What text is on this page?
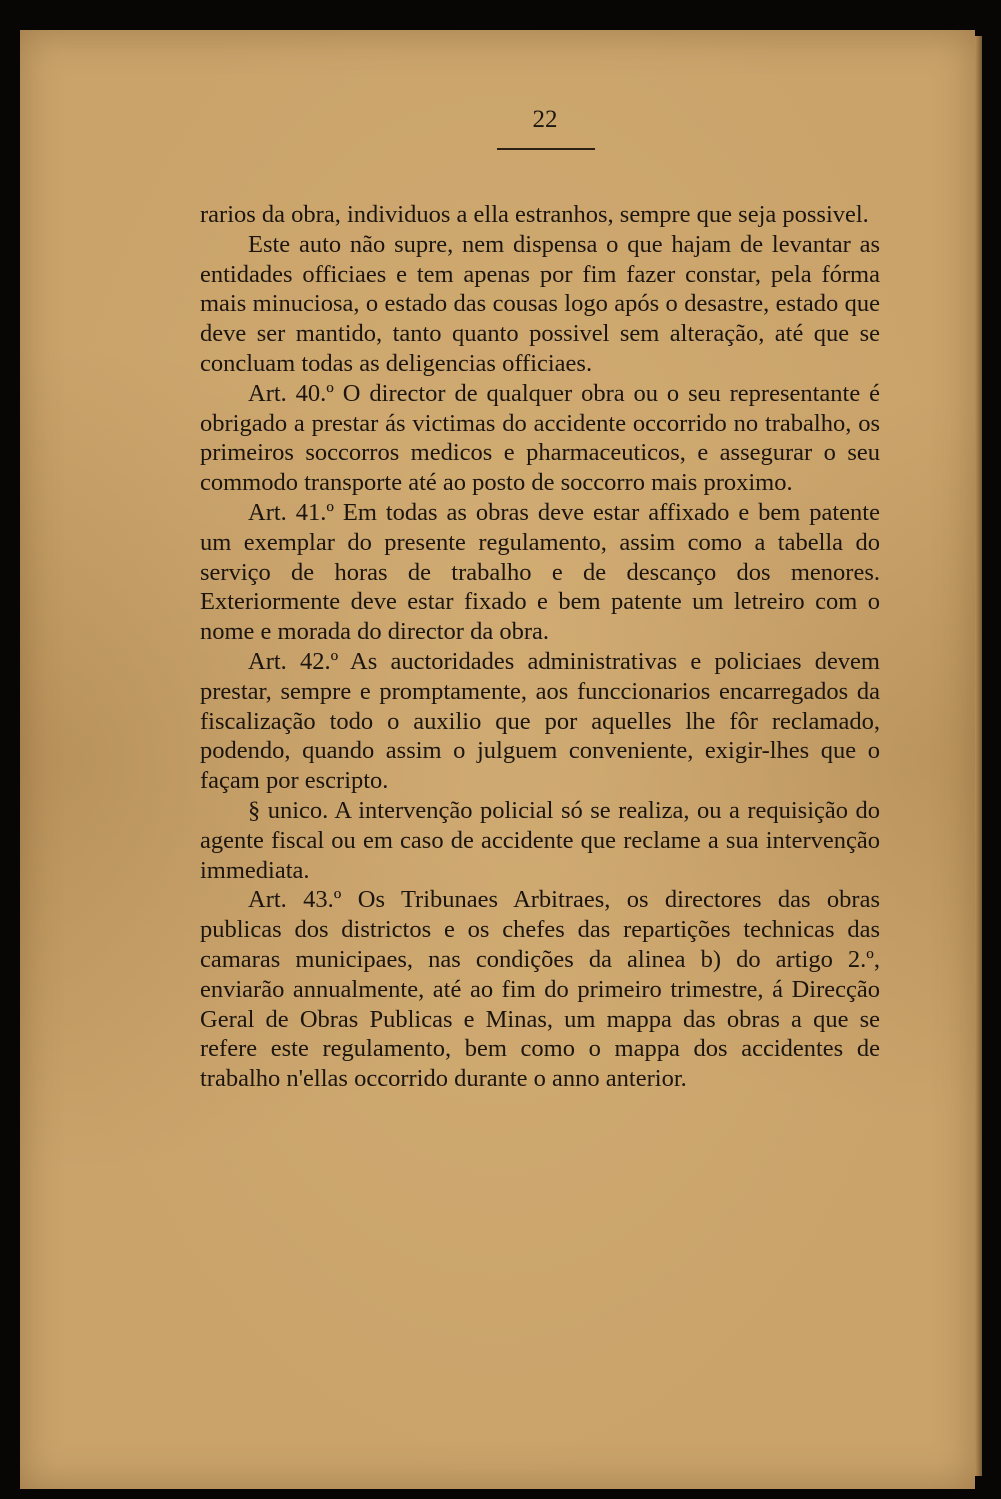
22

rarios da obra, individuos a ella estranhos, sempre que seja possivel.

Este auto não supre, nem dispensa o que hajam de levantar as entidades officiaes e tem apenas por fim fazer constar, pela fórma mais minuciosa, o estado das cousas logo após o desastre, estado que deve ser mantido, tanto quanto possivel sem alteração, até que se concluam todas as deligencias officiaes.

Art. 40.º O director de qualquer obra ou o seu representante é obrigado a prestar ás victimas do accidente occorrido no trabalho, os primeiros soccorros medicos e pharmaceuticos, e assegurar o seu commodo transporte até ao posto de soccorro mais proximo.

Art. 41.º Em todas as obras deve estar affixado e bem patente um exemplar do presente regulamento, assim como a tabella do serviço de horas de trabalho e de descanço dos menores. Exteriormente deve estar fixado e bem patente um letreiro com o nome e morada do director da obra.

Art. 42.º As auctoridades administrativas e policiaes devem prestar, sempre e promptamente, aos funccionarios encarregados da fiscalização todo o auxilio que por aquelles lhe fôr reclamado, podendo, quando assim o julguem conveniente, exigir-lhes que o façam por escripto.

§ unico. A intervenção policial só se realiza, ou a requisição do agente fiscal ou em caso de accidente que reclame a sua intervenção immediata.

Art. 43.º Os Tribunaes Arbitraes, os directores das obras publicas dos districtos e os chefes das repartições technicas das camaras municipaes, nas condições da alinea b) do artigo 2.º, enviarão annualmente, até ao fim do primeiro trimestre, á Direcção Geral de Obras Publicas e Minas, um mappa das obras a que se refere este regulamento, bem como o mappa dos accidentes de trabalho n'ellas occorrido durante o anno anterior.
